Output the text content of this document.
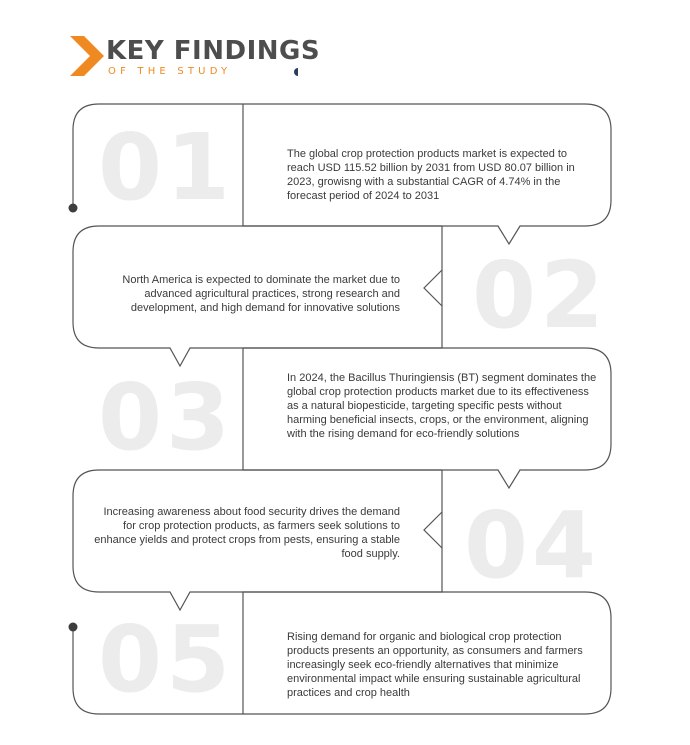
KEY FINDINGS
OF THE STUDY
01
02
03
04
05
The global crop protection products market is expected to reach USD 115.52 billion by 2031 from USD 80.07 billion in 2023, growisng with a substantial CAGR of 4.74% in the forecast period of 2024 to 2031
North America is expected to dominate the market due to advanced agricultural practices, strong research and development, and high demand for innovative solutions
In 2024, the Bacillus Thuringiensis (BT) segment dominates the global crop protection products market due to its effectiveness as a natural biopesticide, targeting specific pests without harming beneficial insects, crops, or the environment, aligning with the rising demand for eco-friendly solutions
Increasing awareness about food security drives the demand for crop protection products, as farmers seek solutions to enhance yields and protect crops from pests, ensuring a stable food supply.
Rising demand for organic and biological crop protection products presents an opportunity, as consumers and farmers increasingly seek eco-friendly alternatives that minimize environmental impact while ensuring sustainable agricultural practices and crop health
